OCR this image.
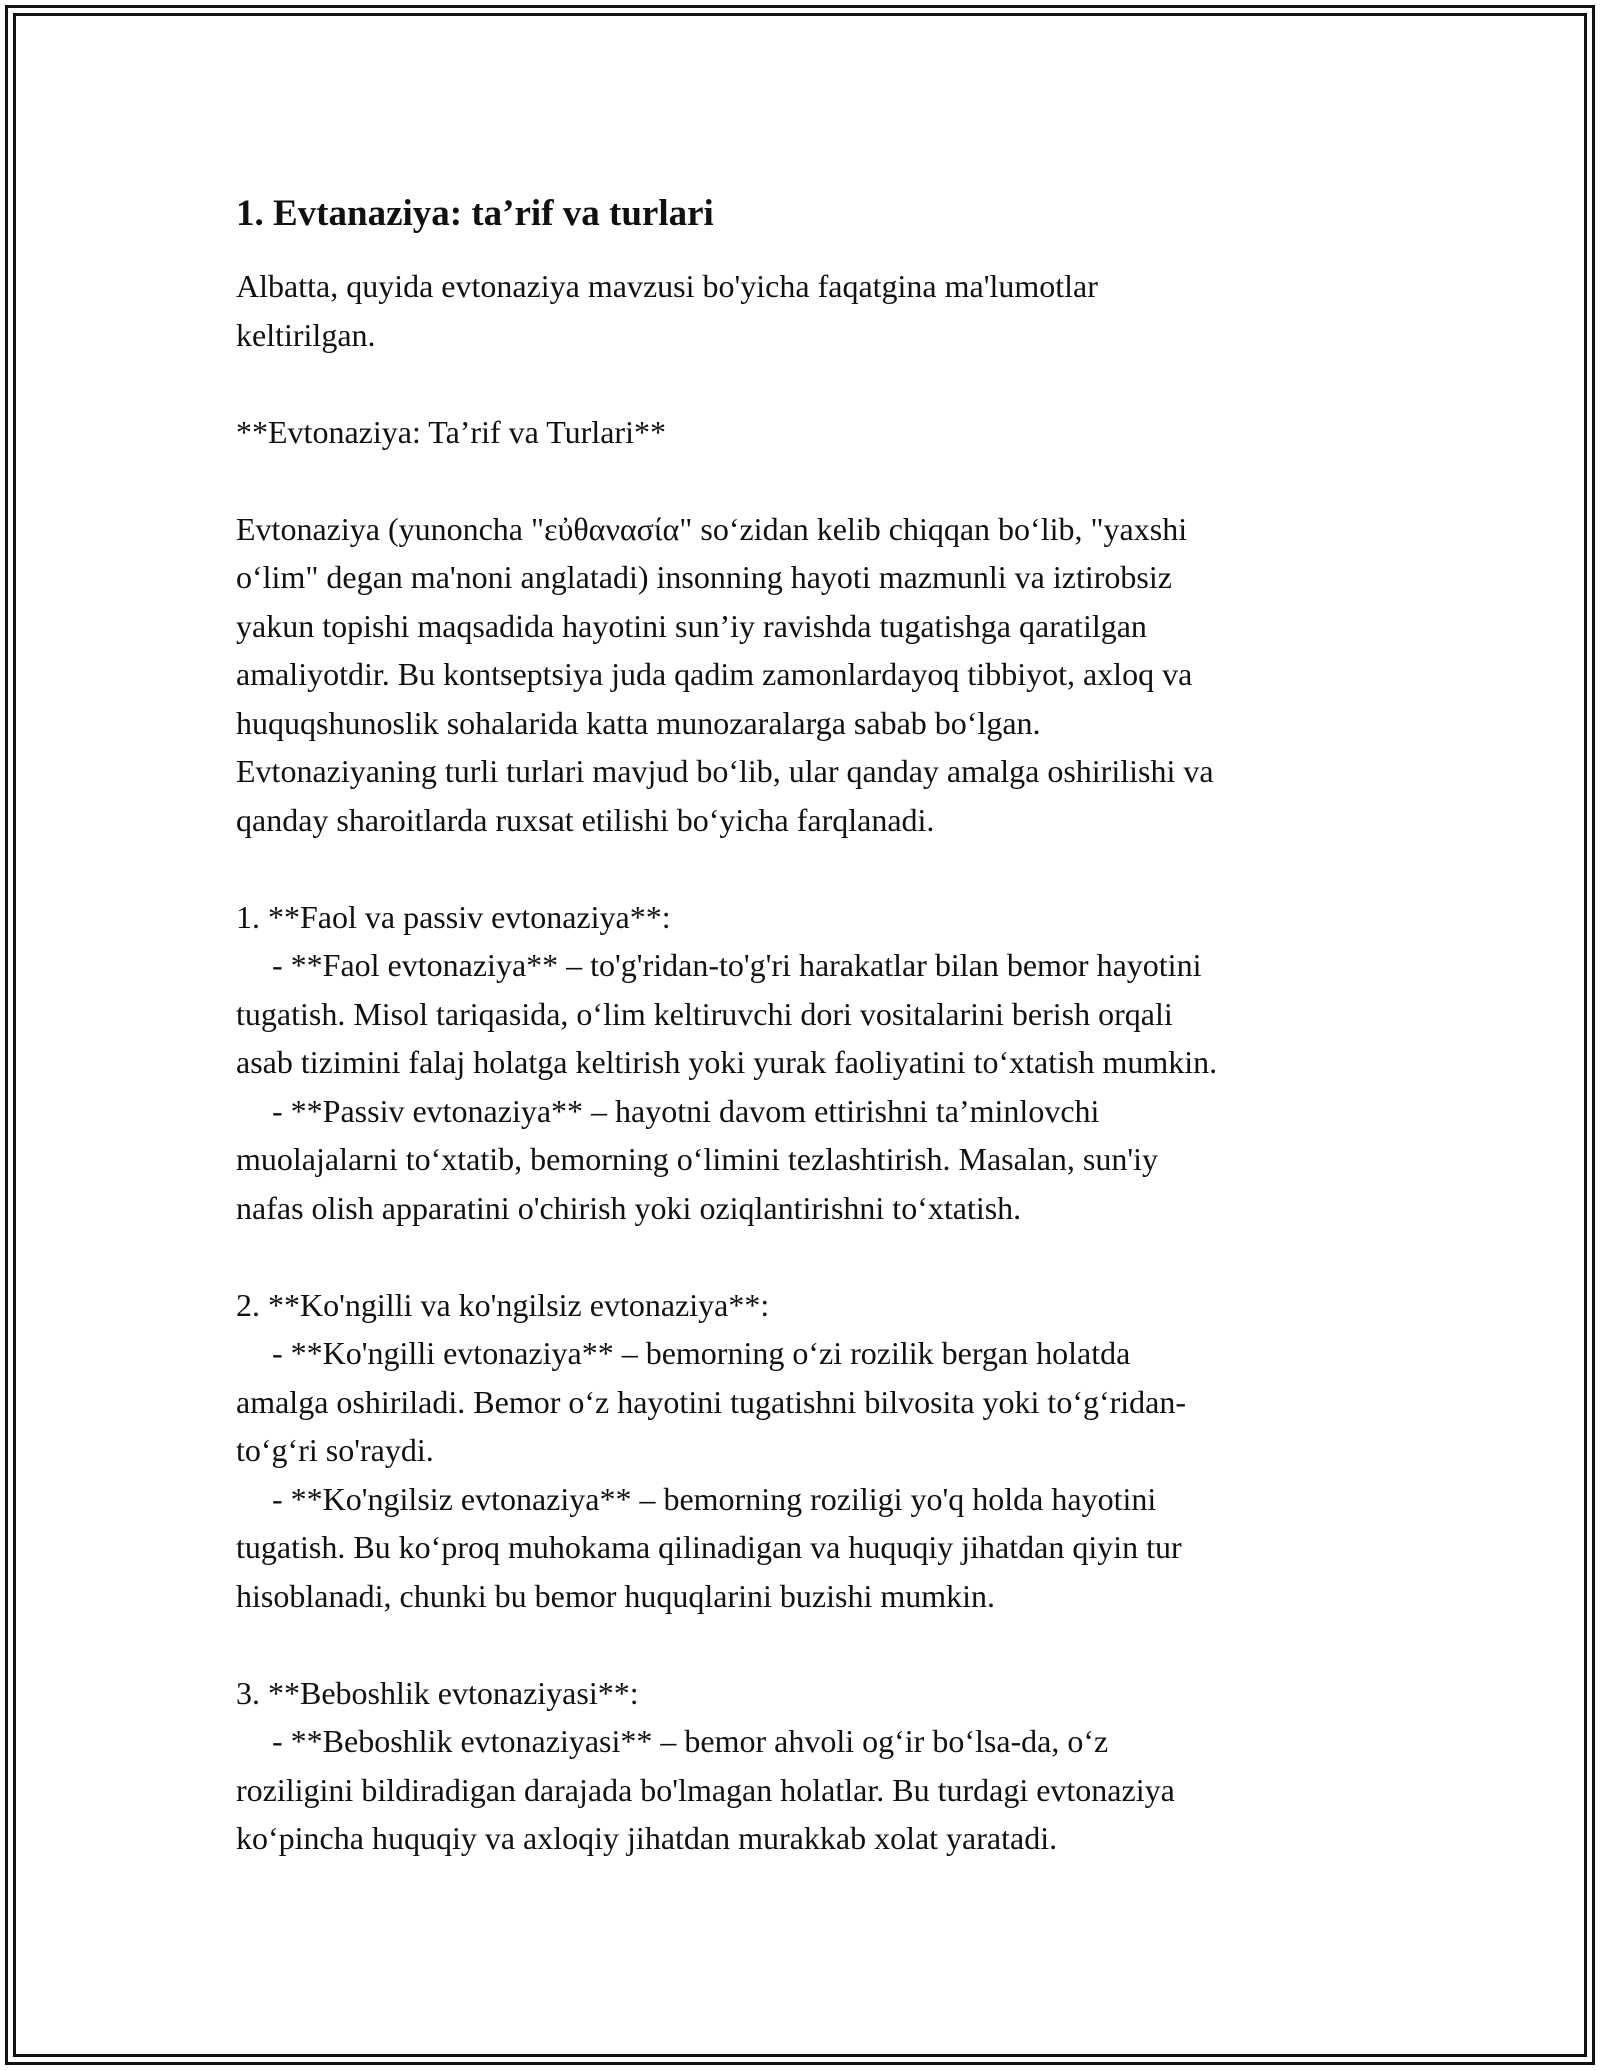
1. Evtanaziya: ta’rif va turlari
Albatta, quyida evtonaziya mavzusi bo'yicha faqatgina ma'lumotlar
keltirilgan.
**Evtonaziya: Ta’rif va Turlari**
Evtonaziya (yunoncha "εὐθανασία" soʻzidan kelib chiqqan boʻlib, "yaxshi
oʻlim" degan ma'noni anglatadi) insonning hayoti mazmunli va iztirobsiz
yakun topishi maqsadida hayotini sun’iy ravishda tugatishga qaratilgan
amaliyotdir. Bu kontseptsiya juda qadim zamonlardayoq tibbiyot, axloq va
huquqshunoslik sohalarida katta munozaralarga sabab boʻlgan.
Evtonaziyaning turli turlari mavjud boʻlib, ular qanday amalga oshirilishi va
qanday sharoitlarda ruxsat etilishi boʻyicha farqlanadi.
1. **Faol va passiv evtonaziya**:
- **Faol evtonaziya** – to'g'ridan-to'g'ri harakatlar bilan bemor hayotini
tugatish. Misol tariqasida, oʻlim keltiruvchi dori vositalarini berish orqali
asab tizimini falaj holatga keltirish yoki yurak faoliyatini toʻxtatish mumkin.
- **Passiv evtonaziya** – hayotni davom ettirishni ta’minlovchi
muolajalarni toʻxtatib, bemorning oʻlimini tezlashtirish. Masalan, sun'iy
nafas olish apparatini o'chirish yoki oziqlantirishni toʻxtatish.
2. **Ko'ngilli va ko'ngilsiz evtonaziya**:
- **Ko'ngilli evtonaziya** – bemorning oʻzi rozilik bergan holatda
amalga oshiriladi. Bemor oʻz hayotini tugatishni bilvosita yoki toʻgʻridan-
toʻgʻri so'raydi.
- **Ko'ngilsiz evtonaziya** – bemorning roziligi yo'q holda hayotini
tugatish. Bu koʻproq muhokama qilinadigan va huquqiy jihatdan qiyin tur
hisoblanadi, chunki bu bemor huquqlarini buzishi mumkin.
3. **Beboshlik evtonaziyasi**:
- **Beboshlik evtonaziyasi** – bemor ahvoli ogʻir boʻlsa-da, oʻz
roziligini bildiradigan darajada bo'lmagan holatlar. Bu turdagi evtonaziya
koʻpincha huquqiy va axloqiy jihatdan murakkab xolat yaratadi.
